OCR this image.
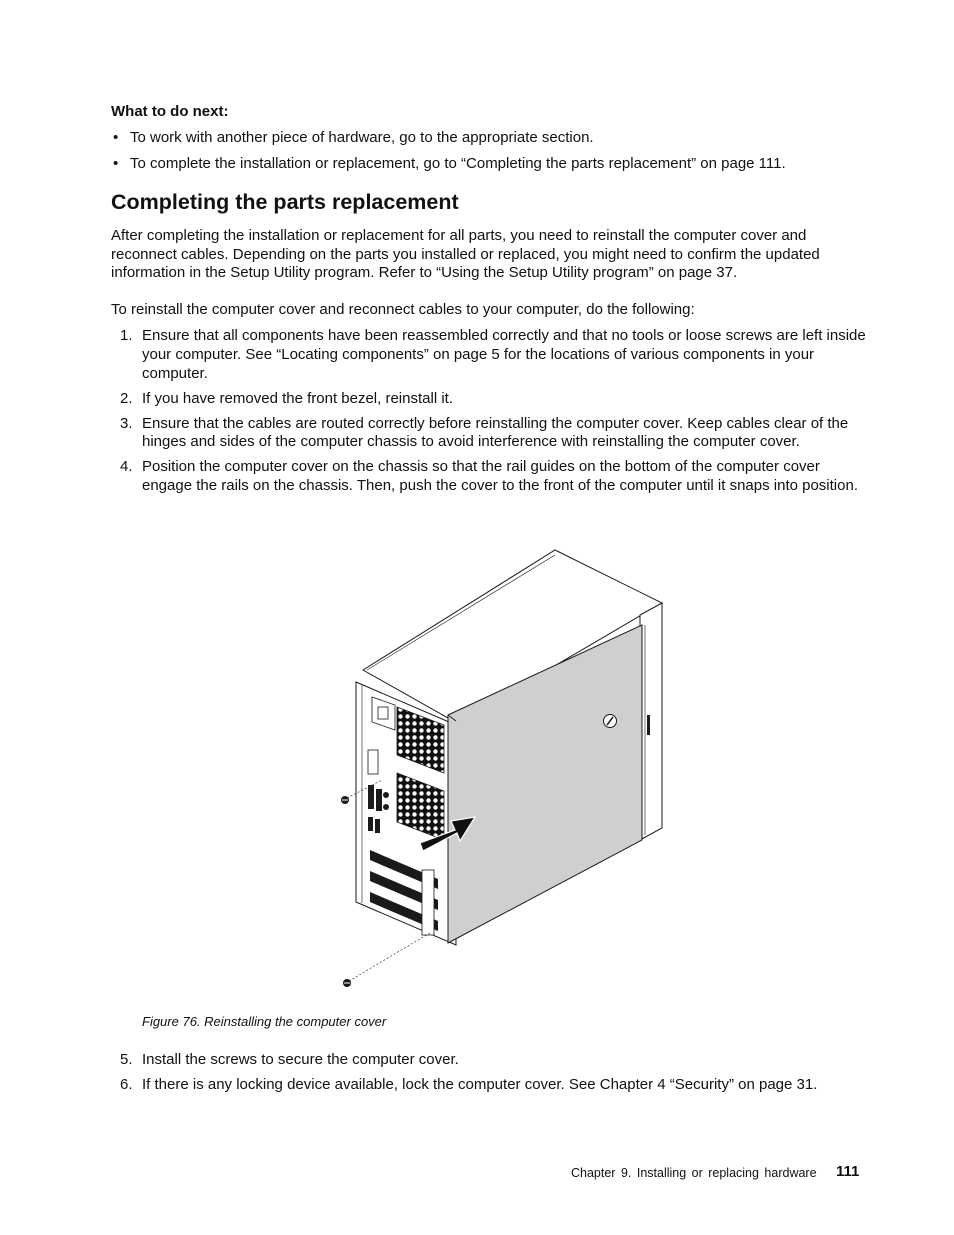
What to do next:
• To work with another piece of hardware, go to the appropriate section.
• To complete the installation or replacement, go to “Completing the parts replacement” on page 111.
Completing the parts replacement

After completing the installation or replacement for all parts, you need to reinstall the computer cover and reconnect cables. Depending on the parts you installed or replaced, you might need to confirm the updated information in the Setup Utility program. Refer to “Using the Setup Utility program” on page 37.

To reinstall the computer cover and reconnect cables to your computer, do the following:

1. Ensure that all components have been reassembled correctly and that no tools or loose screws are left inside your computer. See “Locating components” on page 5 for the locations of various components in your computer.
2. If you have removed the front bezel, reinstall it.
3. Ensure that the cables are routed correctly before reinstalling the computer cover. Keep cables clear of the hinges and sides of the computer chassis to avoid interference with reinstalling the computer cover.
4. Position the computer cover on the chassis so that the rail guides on the bottom of the computer cover engage the rails on the chassis. Then, push the cover to the front of the computer until it snaps into position.
Figure 76. Reinstalling the computer cover
5. Install the screws to secure the computer cover.
6. If there is any locking device available, lock the computer cover. See Chapter 4 “Security” on page 31.
Chapter 9. Installing or replacing hardware 111
